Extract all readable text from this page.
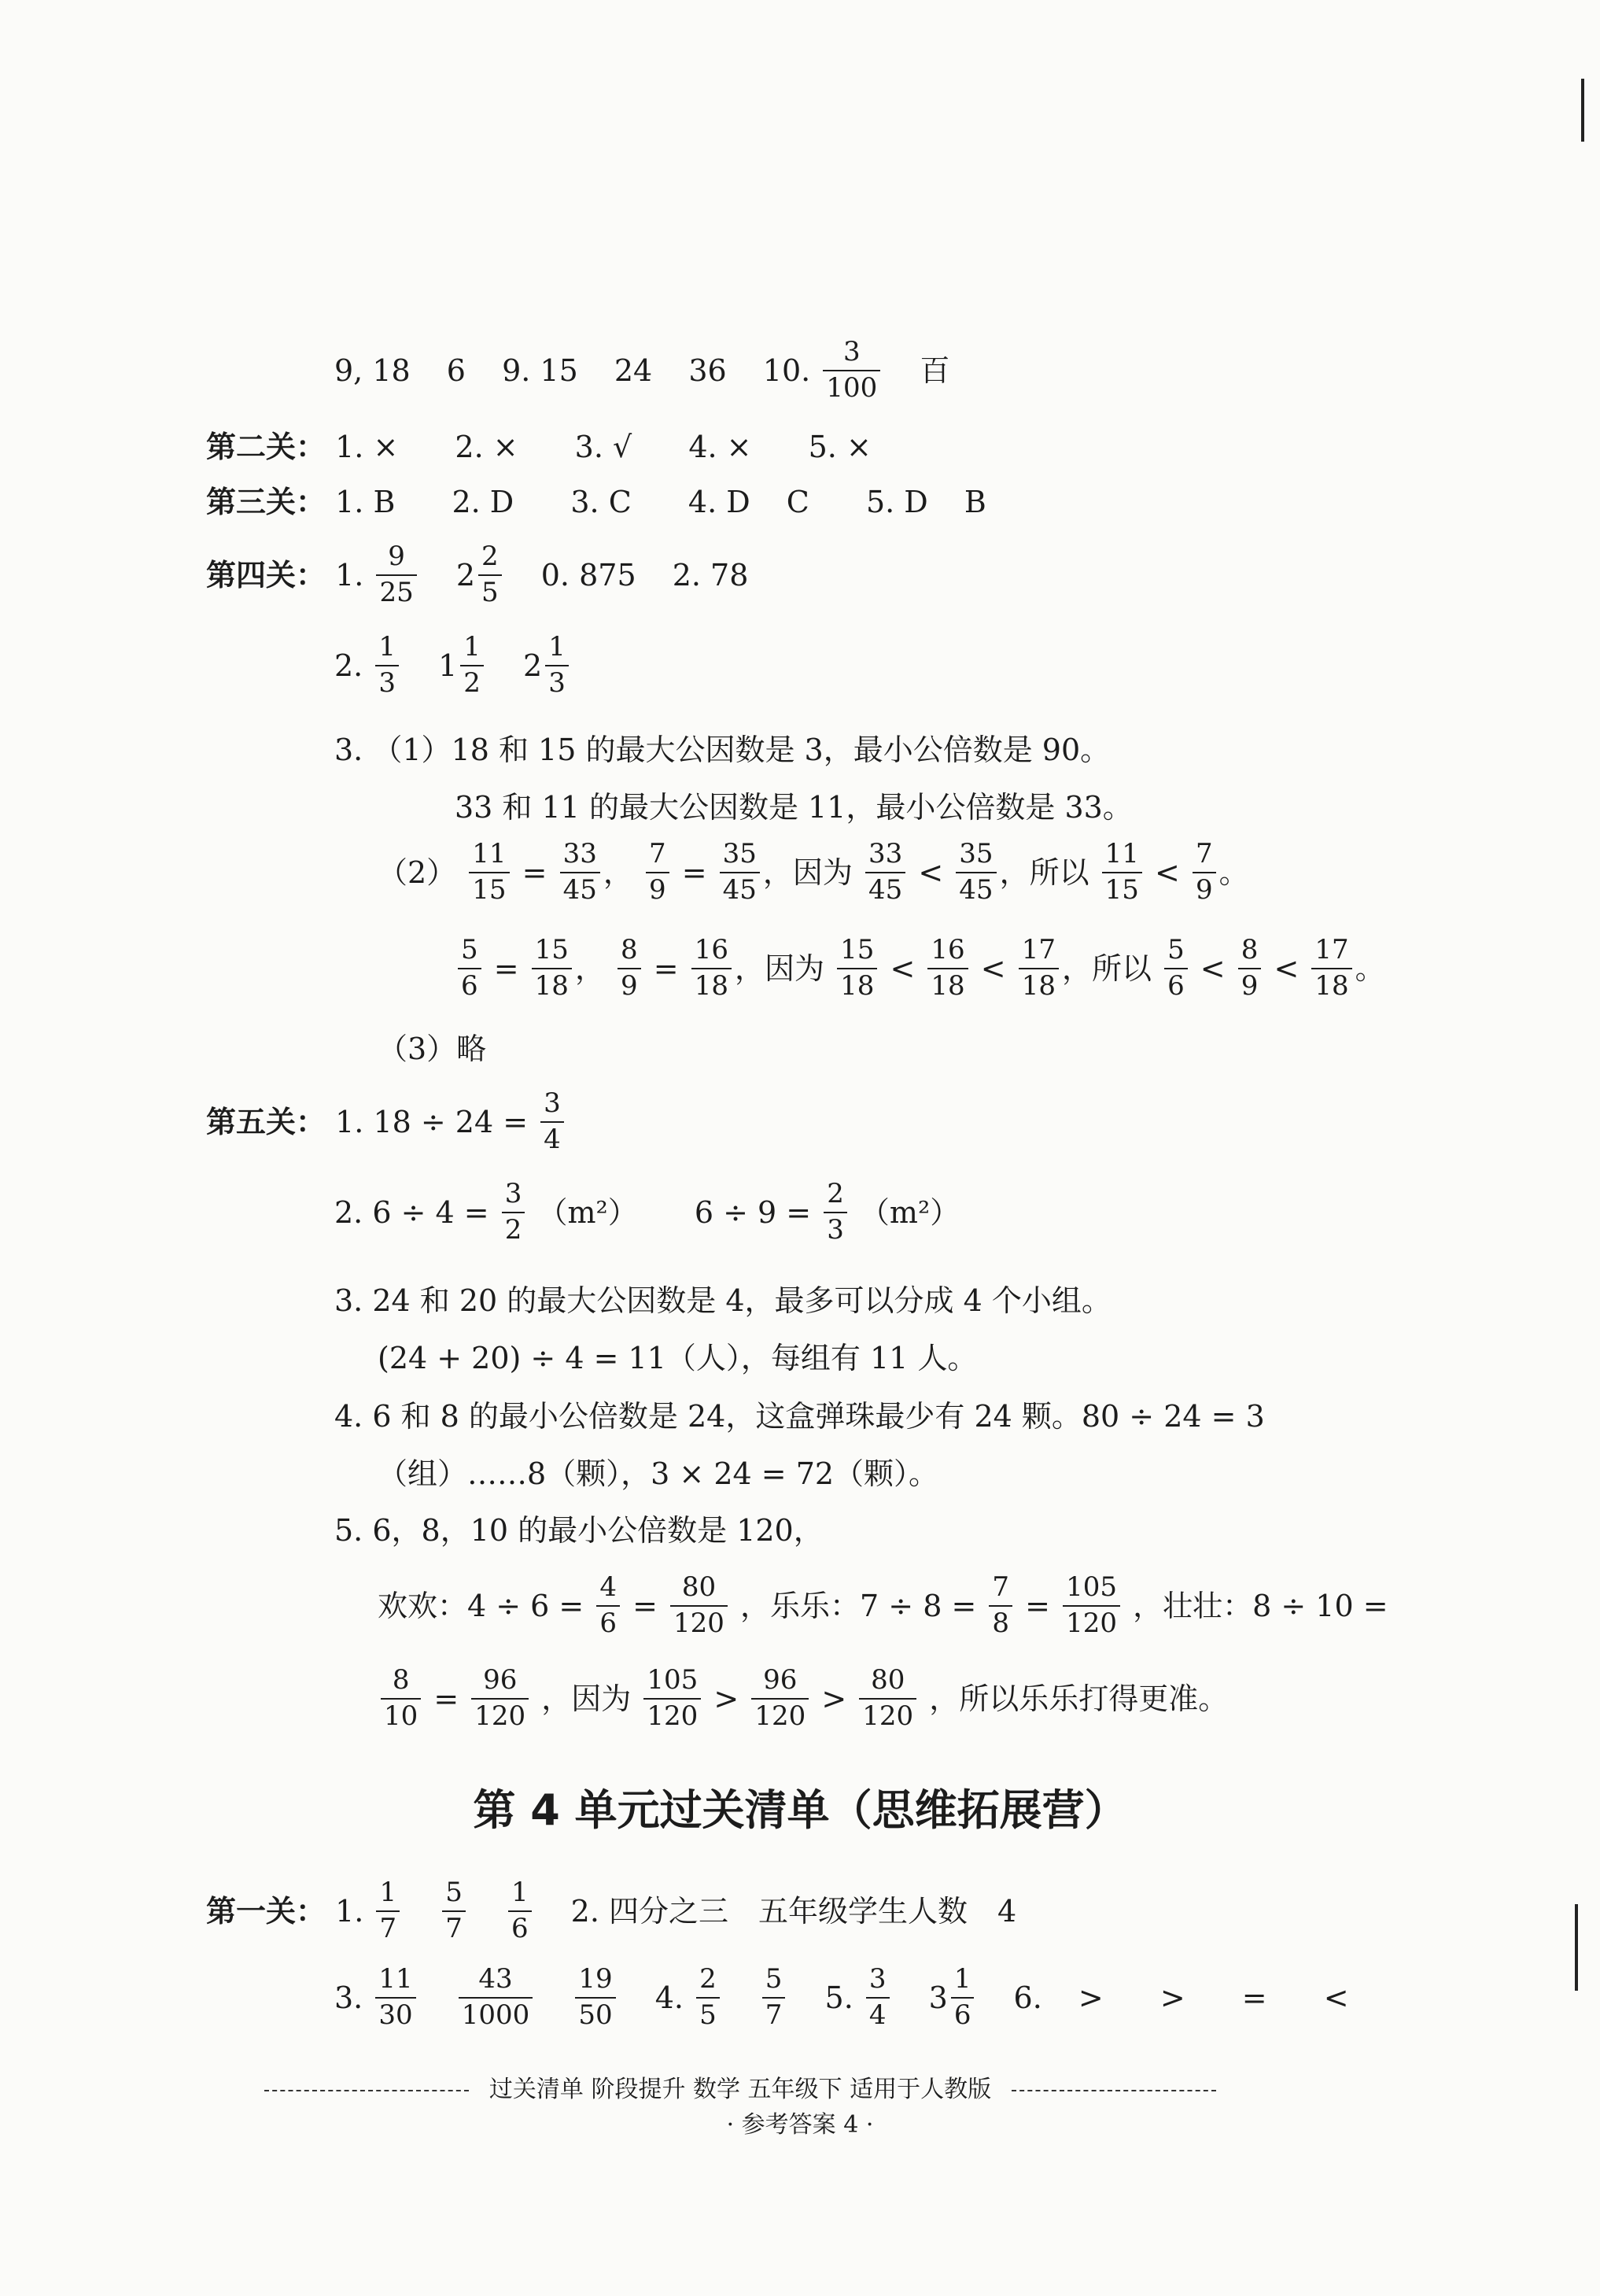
9, 18 6 9. 15 24 36 10. $\frac{3}{100}$ 百
第二关： 1. × 2. × 3. √ 4. × 5. ×
第三关： 1. B 2. D 3. C 4. D C 5. D B
第四关： 1. $\frac{9}{25} 2 \frac{2}{5} 0$. 875 2. 78
2. $\frac{1}{3} 1 \frac{1}{2} 2 \frac{1}{3}$
3. （1）18 和 15 的最大公因数是 3，最小公倍数是 90。
33 和 11 的最大公因数是 11，最小公倍数是 33。
$(2) \frac{11}{15} = \frac{33}{45}$ ， $\frac{7}{9} = \frac{35}{45}$ ，因为 $\frac{33}{45} < \frac{35}{45}$ ，所以 $\frac{11}{15} < \frac{7}{9}$ 。
$\frac{5}{6} = \frac{15}{18}$ ， $\frac{8}{9} = \frac{16}{18}$ ，因为 $\frac{15}{18} < \frac{16}{18} < \frac{17}{18}$ ，所以 $\frac{5}{6} < \frac{8}{9} < \frac{17}{18}$ 。
（3）略
第五关： 1. $18 \div 24 = \frac{3}{4}$
2. $6 \div 4 = \frac{3}{2} (m^2) 6 \div 9 = \frac{2}{3} (m^2)$
3. 24 和 20 的最大公因数是 4，最多可以分成 4 个小组。
(24 + 20) ÷ 4 = 11（人），每组有 11 人。
4. 6 和 8 的最小公倍数是 24，这盒弹珠最少有 24 颗。80 ÷ 24 = 3
（组）……8（颗），3 × 24 = 72（颗）。
5. 6，8，10 的最小公倍数是 120，
欢欢：$4 \div 6 = \frac{4}{6} = \frac{80}{120}$ ，乐乐：$7 \div 8 = \frac{7}{8} = \frac{105}{120}$ ，壮壮：8 ÷ 10 =
$\frac{8}{10} = \frac{96}{120}$ ，因为 $\frac{105}{120} > \frac{96}{120} > \frac{80}{120}$ ，所以乐乐打得更准。
第 4 单元过关清单（思维拓展营）
第一关： 1. $\frac{1}{7}$
$\frac{5}{7}$
$\frac{1}{6} 2$. 四分之三　五年级学生人数　4
3. $\frac{11}{30}$
$\frac{43}{1000}$
$\frac{19}{50} 4$. $\frac{2}{5}$
$\frac{5}{7} 5$. $\frac{3}{4} 3 \frac{1}{6} 6$. > > = <
过关清单 阶段提升 数学 五年级下 适用于人教版
· 参考答案 4 ·
